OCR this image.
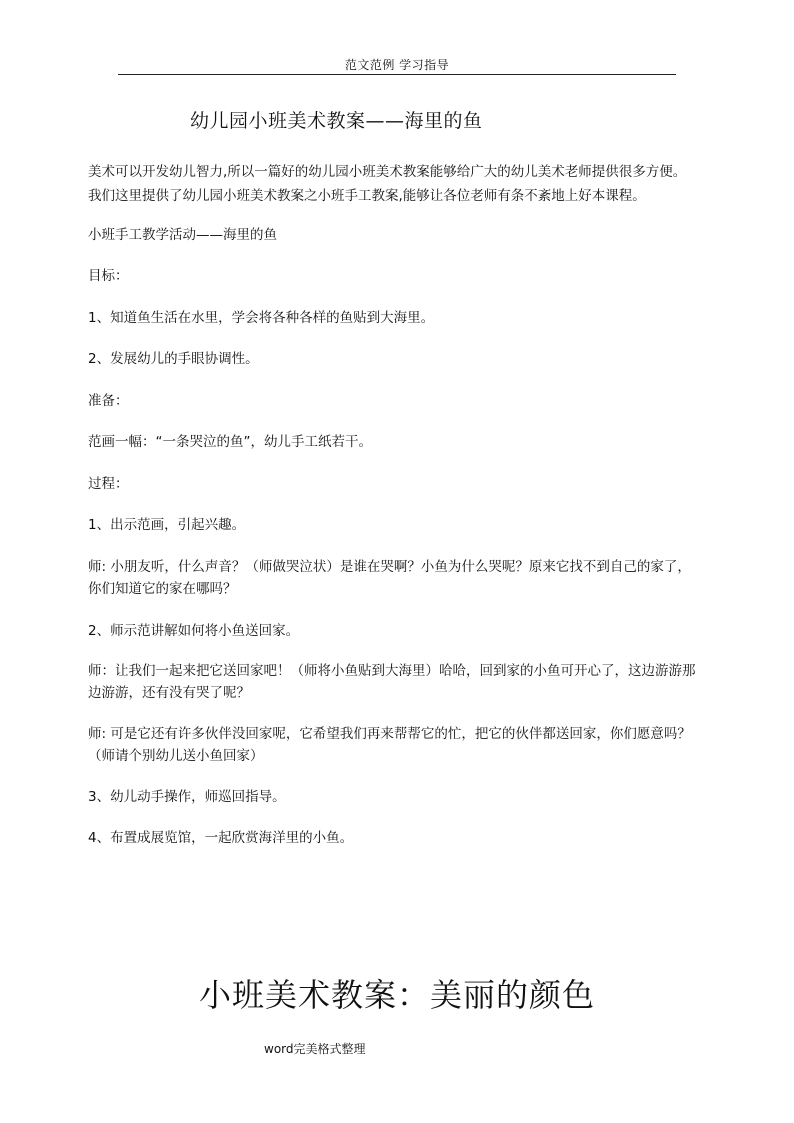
范文范例 学习指导
幼儿园小班美术教案——海里的鱼
美术可以开发幼儿智力,所以一篇好的幼儿园小班美术教案能够给广大的幼儿美术老师提供很多方便。我们这里提供了幼儿园小班美术教案之小班手工教案,能够让各位老师有条不紊地上好本课程。
小班手工教学活动——海里的鱼
目标：
1、知道鱼生活在水里，学会将各种各样的鱼贴到大海里。
2、发展幼儿的手眼协调性。
准备：
范画一幅：“一条哭泣的鱼”，幼儿手工纸若干。
过程：
1、出示范画，引起兴趣。
师: 小朋友听，什么声音？（师做哭泣状）是谁在哭啊？小鱼为什么哭呢？原来它找不到自己的家了，你们知道它的家在哪吗？
2、师示范讲解如何将小鱼送回家。
师：让我们一起来把它送回家吧！（师将小鱼贴到大海里）哈哈，回到家的小鱼可开心了，这边游游那边游游，还有没有哭了呢？
师: 可是它还有许多伙伴没回家呢，它希望我们再来帮帮它的忙，把它的伙伴都送回家，你们愿意吗？（师请个别幼儿送小鱼回家）
3、幼儿动手操作，师巡回指导。
4、布置成展览馆，一起欣赏海洋里的小鱼。
小班美术教案：美丽的颜色
word完美格式整理
